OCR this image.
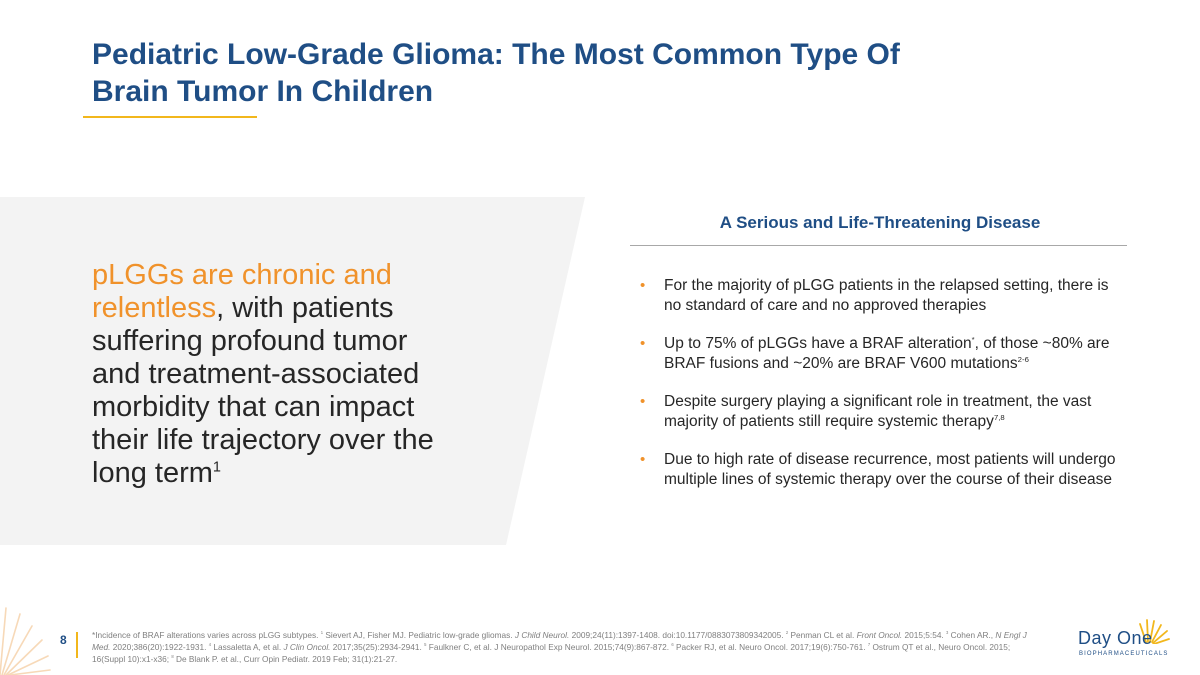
Pediatric Low-Grade Glioma: The Most Common Type Of
Brain Tumor In Children
pLGGs are chronic and
relentless, with patients
suffering profound tumor
and treatment-associated
morbidity that can impact
their life trajectory over the
long term$^1$
A Serious and Life-Threatening Disease
• For the majority of pLGG patients in the relapsed setting, there is no standard of care and no approved therapies
• Up to 75% of pLGGs have a BRAF alteration*, of those ~80% are BRAF fusions and ~20% are BRAF V600 mutations$^{2-6}$
• Despite surgery playing a significant role in treatment, the vast majority of patients still require systemic therapy$^{7,8}$
• Due to high rate of disease recurrence, most patients will undergo multiple lines of systemic therapy over the course of their disease
8	*Incidence of BRAF alterations varies across pLGG subtypes. $^1$ Sievert AJ, Fisher MJ. Pediatric low-grade gliomas. J Child Neurol. 2009;24(11):1397-1408. doi:10.1177/0883073809342005. $^2$ Penman CL et al. Front Oncol. 2015;5:54. $^3$ Cohen AR., N Engl J Med. 2020;386(20):1922-1931. $^4$ Lassaletta A, et al. J Clin Oncol. 2017;35(25):2934-2941. $^5$ Faulkner C, et al. J Neuropathol Exp Neurol. 2015;74(9):867-872. $^6$ Packer RJ, et al. Neuro Oncol. 2017;19(6):750-761. $^7$ Ostrum QT et al., Neuro Oncol. 2015; 16(Suppl 10):x1-x36; $^8$ De Blank P. et al., Curr Opin Pediatr. 2019 Feb; 31(1):21-27.
Day One
BIOPHARMACEUTICALS
